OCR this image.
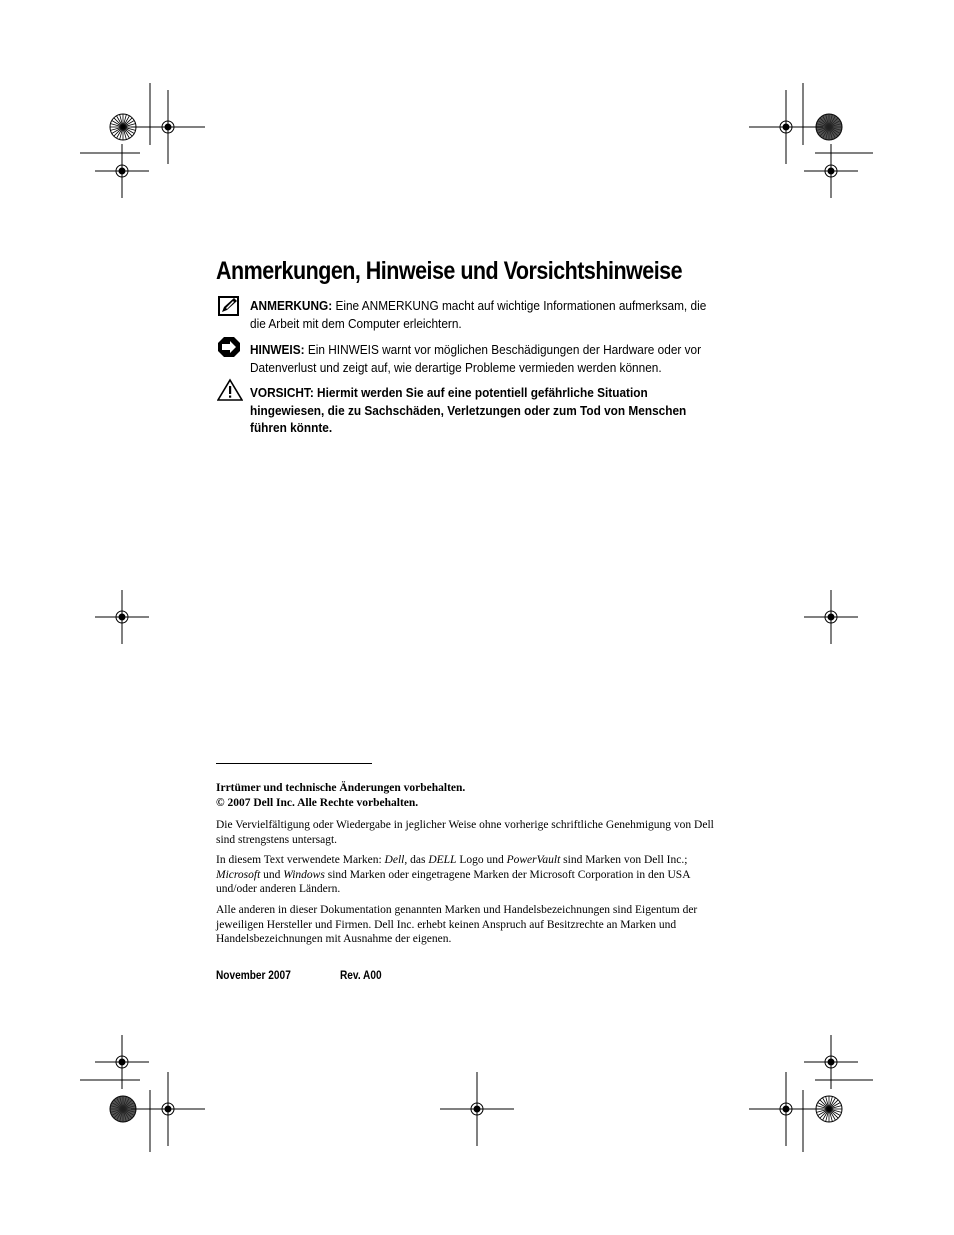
Anmerkungen, Hinweise und Vorsichtshinweise
ANMERKUNG: Eine ANMERKUNG macht auf wichtige Informationen aufmerksam, die die Arbeit mit dem Computer erleichtern.
HINWEIS: Ein HINWEIS warnt vor möglichen Beschädigungen der Hardware oder vor Datenverlust und zeigt auf, wie derartige Probleme vermieden werden können.
VORSICHT: Hiermit werden Sie auf eine potentiell gefährliche Situation hingewiesen, die zu Sachschäden, Verletzungen oder zum Tod von Menschen führen könnte.
Irrtümer und technische Änderungen vorbehalten.
© 2007 Dell Inc. Alle Rechte vorbehalten.
Die Vervielfältigung oder Wiedergabe in jeglicher Weise ohne vorherige schriftliche Genehmigung von Dell sind strengstens untersagt.
In diesem Text verwendete Marken: Dell, das DELL Logo und PowerVault sind Marken von Dell Inc.; Microsoft und Windows sind Marken oder eingetragene Marken der Microsoft Corporation in den USA und/oder anderen Ländern.
Alle anderen in dieser Dokumentation genannten Marken und Handelsbezeichnungen sind Eigentum der jeweiligen Hersteller und Firmen. Dell Inc. erhebt keinen Anspruch auf Besitzrechte an Marken und Handelsbezeichnungen mit Ausnahme der eigenen.
November 2007	Rev. A00
